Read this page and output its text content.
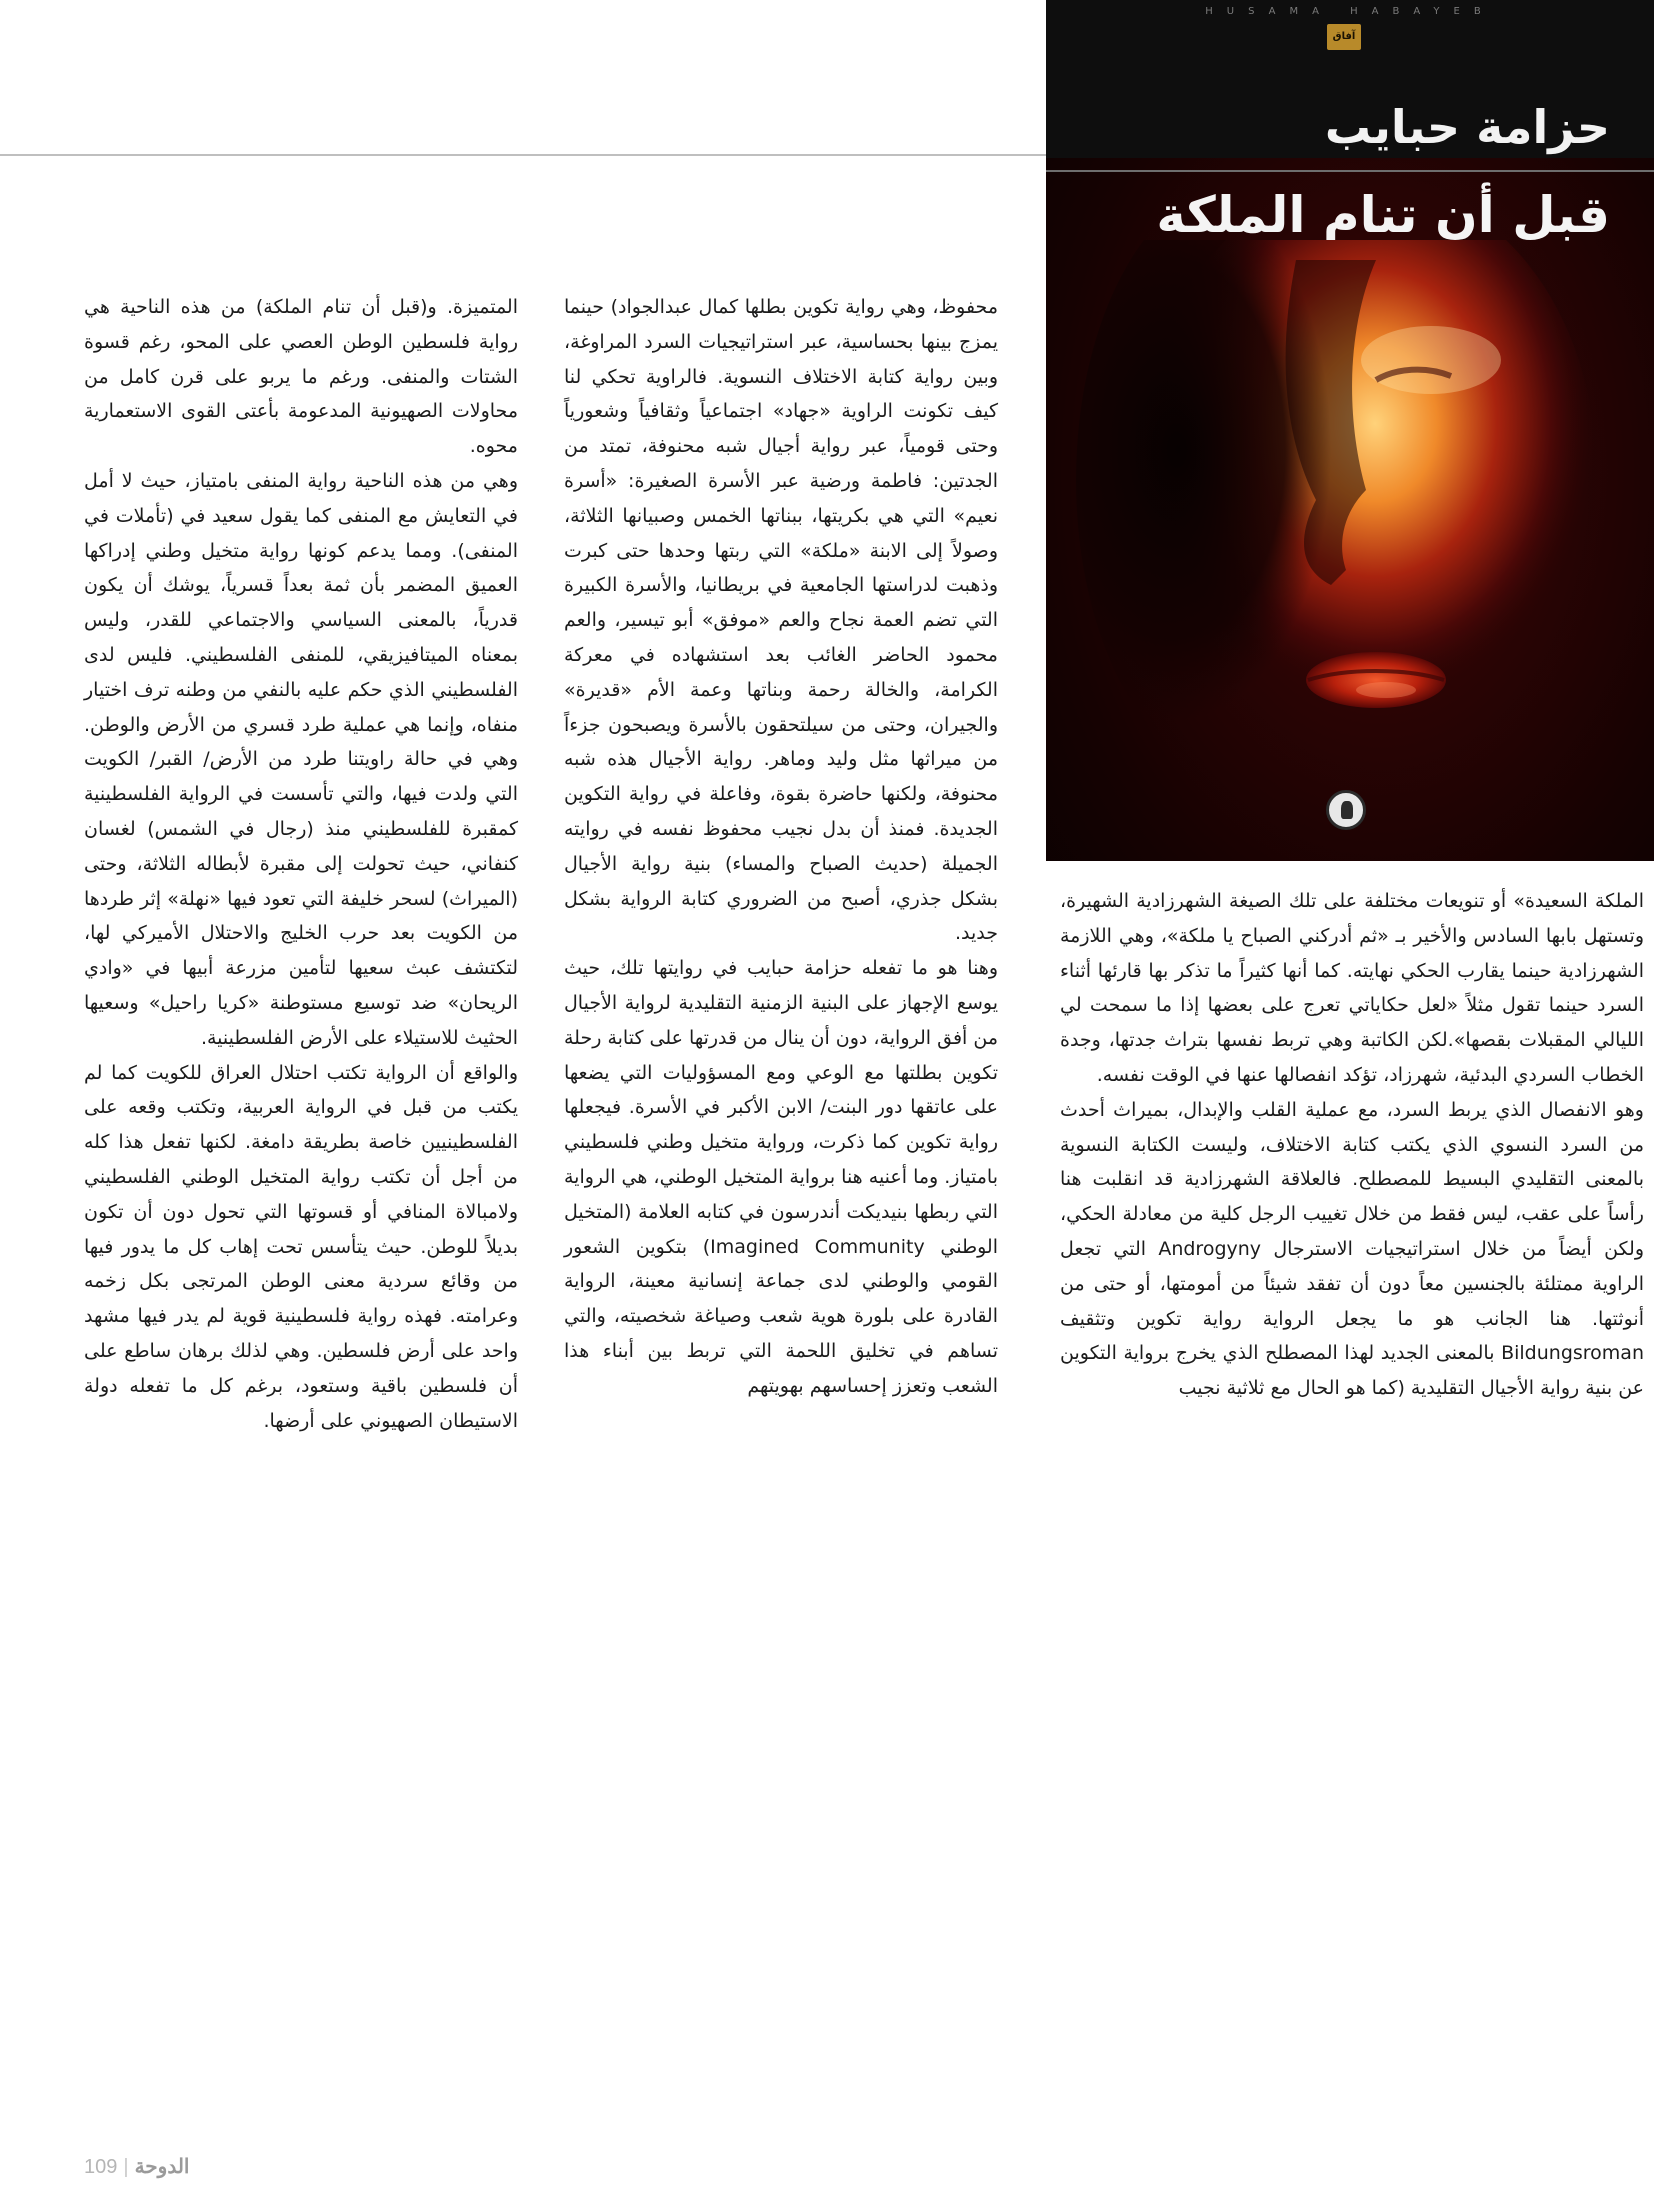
HUSAMA HABAYEB
آفاق
حزامة حبايب
قبل أن تنام الملكة

الملكة السعيدة» أو تنويعات مختلفة على تلك الصيغة الشهرزادية الشهيرة، وتستهل بابها السادس والأخير بـ «ثم أدركني الصباح يا ملكة»، وهي اللازمة الشهرزادية حينما يقارب الحكي نهايته. كما أنها كثيراً ما تذكر بها قارئها أثناء السرد حينما تقول مثلاً «لعل حكاياتي تعرج على بعضها إذا ما سمحت لي الليالي المقبلات بقصها».لكن الكاتبة وهي تربط نفسها بتراث جدتها، وجدة الخطاب السردي البدئية، شهرزاد، تؤكد انفصالها عنها في الوقت نفسه.

وهو الانفصال الذي يربط السرد، مع عملية القلب والإبدال، بميراث أحدث من السرد النسوي الذي يكتب كتابة الاختلاف، وليست الكتابة النسوية بالمعنى التقليدي البسيط للمصطلح. فالعلاقة الشهرزادية قد انقلبت هنا رأساً على عقب، ليس فقط من خلال تغييب الرجل كلية من معادلة الحكي، ولكن أيضاً من خلال استراتيجيات الاسترجال Androgyny التي تجعل الراوية ممتلئة بالجنسين معاً دون أن تفقد شيئاً من أمومتها، أو حتى من أنوثتها. هنا الجانب هو ما يجعل الرواية رواية تكوين وتثقيف Bildungsroman بالمعنى الجديد لهذا المصطلح الذي يخرج برواية التكوين عن بنية رواية الأجيال التقليدية (كما هو الحال مع ثلاثية نجيب

محفوظ، وهي رواية تكوين بطلها كمال عبدالجواد) حينما يمزج بينها بحساسية، عبر استراتيجيات السرد المراوغة، وبين رواية كتابة الاختلاف النسوية. فالراوية تحكي لنا كيف تكونت الراوية «جهاد» اجتماعياً وثقافياً وشعورياً وحتى قومياً، عبر رواية أجيال شبه محنوفة، تمتد من الجدتين: فاطمة ورضية عبر الأسرة الصغيرة: «أسرة نعيم» التي هي بكريتها، ببناتها الخمس وصبيانها الثلاثة، وصولاً إلى الابنة «ملكة» التي ربتها وحدها حتى كبرت وذهبت لدراستها الجامعية في بريطانيا، والأسرة الكبيرة التي تضم العمة نجاح والعم «موفق» أبو تيسير، والعم محمود الحاضر الغائب بعد استشهاده في معركة الكرامة، والخالة رحمة وبناتها وعمة الأم «قديرة» والجيران، وحتى من سيلتحقون بالأسرة ويصبحون جزءاً من ميراثها مثل وليد وماهر. رواية الأجيال هذه شبه محنوفة، ولكنها حاضرة بقوة، وفاعلة في رواية التكوين الجديدة. فمنذ أن بدل نجيب محفوظ نفسه في روايته الجميلة (حديث الصباح والمساء) بنية رواية الأجيال بشكل جذري، أصبح من الضروري كتابة الرواية بشكل جديد.

وهنا هو ما تفعله حزامة حبايب في روايتها تلك، حيث يوسع الإجهاز على البنية الزمنية التقليدية لرواية الأجيال من أفق الرواية، دون أن ينال من قدرتها على كتابة رحلة تكوين بطلتها مع الوعي ومع المسؤوليات التي يضعها على عاتقها دور البنت/ الابن الأكبر في الأسرة. فيجعلها رواية تكوين كما ذكرت، ورواية متخيل وطني فلسطيني بامتياز. وما أعنيه هنا برواية المتخيل الوطني، هي الرواية التي ربطها بنيديكت أندرسون في كتابه العلامة (المتخيل الوطني Imagined Community) بتكوين الشعور القومي والوطني لدى جماعة إنسانية معينة، الرواية القادرة على بلورة هوية شعب وصياغة شخصيته، والتي تساهم في تخليق اللحمة التي تربط بين أبناء هذا الشعب وتعزز إحساسهم بهويتهم

المتميزة. و(قبل أن تنام الملكة) من هذه الناحية هي رواية فلسطين الوطن العصي على المحو، رغم قسوة الشتات والمنفى. ورغم ما يربو على قرن كامل من محاولات الصهيونية المدعومة بأعتى القوى الاستعمارية محوه.

وهي من هذه الناحية رواية المنفى بامتياز، حيث لا أمل في التعايش مع المنفى كما يقول سعيد في (تأملات في المنفى). ومما يدعم كونها رواية متخيل وطني إدراكها العميق المضمر بأن ثمة بعداً قسرياً، يوشك أن يكون قدرياً، بالمعنى السياسي والاجتماعي للقدر، وليس بمعناه الميتافيزيقي، للمنفى الفلسطيني. فليس لدى الفلسطيني الذي حكم عليه بالنفي من وطنه ترف اختيار منفاه، وإنما هي عملية طرد قسري من الأرض والوطن. وهي في حالة راويتنا طرد من الأرض/ القبر/ الكويت التي ولدت فيها، والتي تأسست في الرواية الفلسطينية كمقبرة للفلسطيني منذ (رجال في الشمس) لغسان كنفاني، حيث تحولت إلى مقبرة لأبطاله الثلاثة، وحتى (الميراث) لسحر خليفة التي تعود فيها «نهلة» إثر طردها من الكويت بعد حرب الخليج والاحتلال الأميركي لها، لتكتشف عبث سعيها لتأمين مزرعة أبيها في «وادي الريحان» ضد توسيع مستوطنة «كريا راحيل» وسعيها الحثيث للاستيلاء على الأرض الفلسطينية.

والواقع أن الرواية تكتب احتلال العراق للكويت كما لم يكتب من قبل في الرواية العربية، وتكتب وقعه على الفلسطينيين خاصة بطريقة دامغة. لكنها تفعل هذا كله من أجل أن تكتب رواية المتخيل الوطني الفلسطيني ولامبالاة المنافي أو قسوتها التي تحول دون أن تكون بديلاً للوطن. حيث يتأسس تحت إهاب كل ما يدور فيها من وقائع سردية معنى الوطن المرتجى بكل زخمه وعرامته. فهذه رواية فلسطينية قوية لم يدر فيها مشهد واحد على أرض فلسطين. وهي لذلك برهان ساطع على أن فلسطين باقية وستعود، برغم كل ما تفعله دولة الاستيطان الصهيوني على أرضها.

109 | الدوحة
